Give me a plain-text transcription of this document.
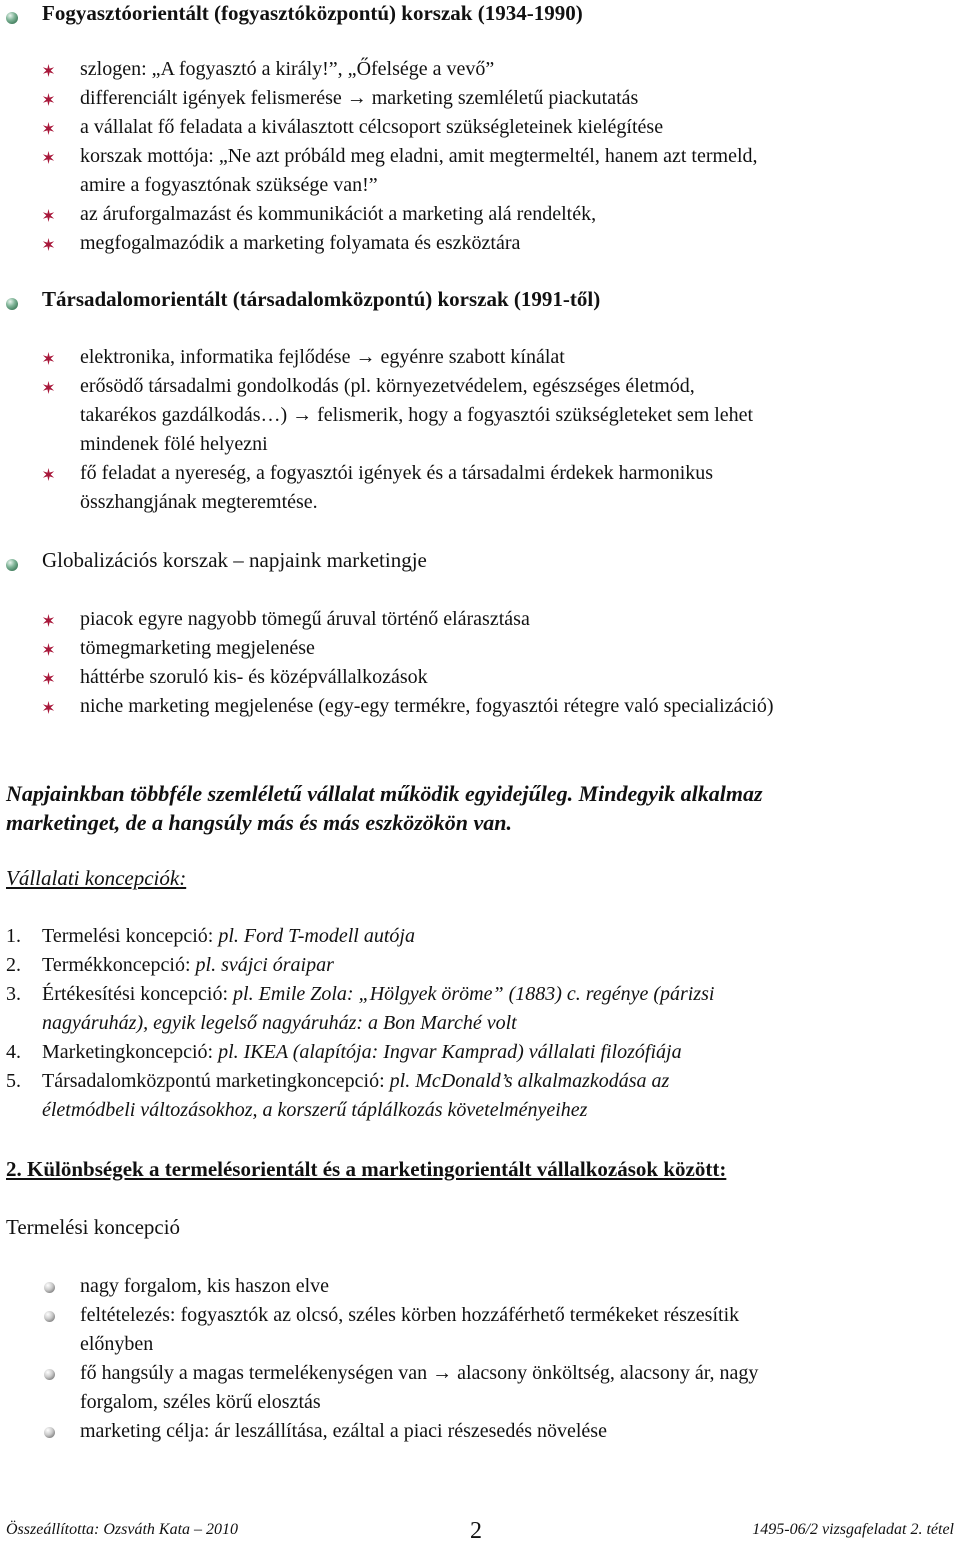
Fogyasztóorientált (fogyasztóközpontú) korszak (1934-1990)
szlogen: „A fogyasztó a király!”, „Őfelsége a vevő”
differenciált igények felismerése → marketing szemléletű piackutatás
a vállalat fő feladata a kiválasztott célcsoport szükségleteinek kielégítése
korszak mottója: „Ne azt próbáld meg eladni, amit megtermeltél, hanem azt termeld,
amire a fogyasztónak szüksége van!”
az áruforgalmazást és kommunikációt a marketing alá rendelték,
megfogalmazódik a marketing folyamata és eszköztára
Társadalomorientált (társadalomközpontú) korszak (1991-től)
elektronika, informatika fejlődése → egyénre szabott kínálat
erősödő társadalmi gondolkodás (pl. környezetvédelem, egészséges életmód,
takarékos gazdálkodás…) → felismerik, hogy a fogyasztói szükségleteket sem lehet
mindenek fölé helyezni
fő feladat a nyereség, a fogyasztói igények és a társadalmi érdekek harmonikus
összhangjának megteremtése.
Globalizációs korszak – napjaink marketingje
piacok egyre nagyobb tömegű áruval történő elárasztása
tömegmarketing megjelenése
háttérbe szoruló kis- és középvállalkozások
niche marketing megjelenése (egy-egy termékre, fogyasztói rétegre való specializáció)
Napjainkban többféle szemléletű vállalat működik egyidejűleg. Mindegyik alkalmaz
marketinget, de a hangsúly más és más eszközökön van.
Vállalati koncepciók:
1. Termelési koncepció: pl. Ford T-modell autója
2. Termékkoncepció: pl. svájci óraipar
3. Értékesítési koncepció: pl. Emile Zola: „Hölgyek öröme” (1883) c. regénye (párizsi
nagyáruház), egyik legelső nagyáruház: a Bon Marché volt
4. Marketingkoncepció: pl. IKEA (alapítója: Ingvar Kamprad) vállalati filozófiája
5. Társadalomközpontú marketingkoncepció: pl. McDonald’s alkalmazkodása az
életmódbeli változásokhoz, a korszerű táplálkozás követelményeihez
2. Különbségek a termelésorientált és a marketingorientált vállalkozások között:
Termelési koncepció
nagy forgalom, kis haszon elve
feltételezés: fogyasztók az olcsó, széles körben hozzáférhető termékeket részesítik
előnyben
fő hangsúly a magas termelékenységen van → alacsony önköltség, alacsony ár, nagy
forgalom, széles körű elosztás
marketing célja: ár leszállítása, ezáltal a piaci részesedés növelése
Összeállította: Ozsváth Kata – 2010	2	1495-06/2 vizsgafeladat 2. tétel
